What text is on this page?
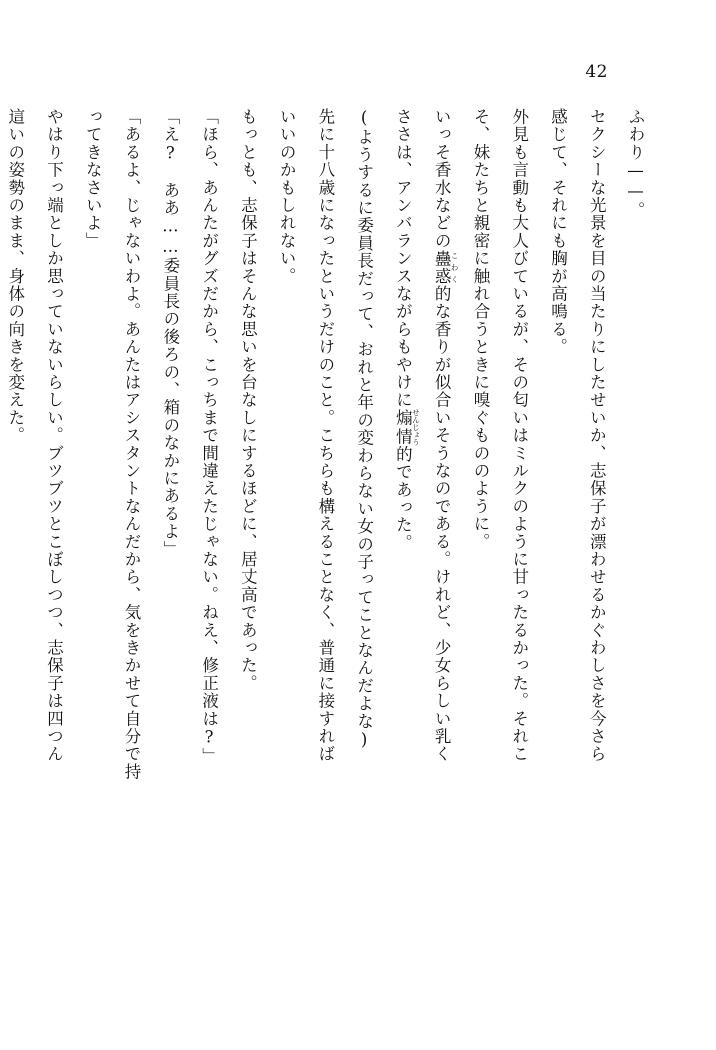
42
ふわり——。
セクシーな光景を目の当たりにしたせいか、志保子が漂わせるかぐわしさを今さら
感じて、それにも胸が高鳴る。
外見も言動も大人びているが、その匂いはミルクのように甘ったるかった。それこ
そ、妹たちと親密に触れ合うときに嗅ぐもののように。
いっそ香水などの蠱惑 こわく的な香りが似合いそうなのである。けれど、少女らしい乳く
ささは、アンバランスながらもやけに煽情 せんじょう的であった。
(ようするに委員長だって、おれと年の変わらない女の子ってことなんだよな)
先に十八歳になったというだけのこと。こちらも構えることなく、普通に接すれば
いいのかもしれない。
もっとも、志保子はそんな思いを台なしにするほどに、居丈高であった。
「ほら、あんたがグズだから、こっちまで間違えたじゃない。ねえ、修正液は?」
「え?　ああ……委員長の後ろの、箱のなかにあるよ」
「あるよ、じゃないわよ。あんたはアシスタントなんだから、気をきかせて自分で持
ってきなさいよ」
やはり下っ端としか思っていないらしい。ブツブツとこぼしつつ、志保子は四つん
這いの姿勢のまま、身体の向きを変えた。
